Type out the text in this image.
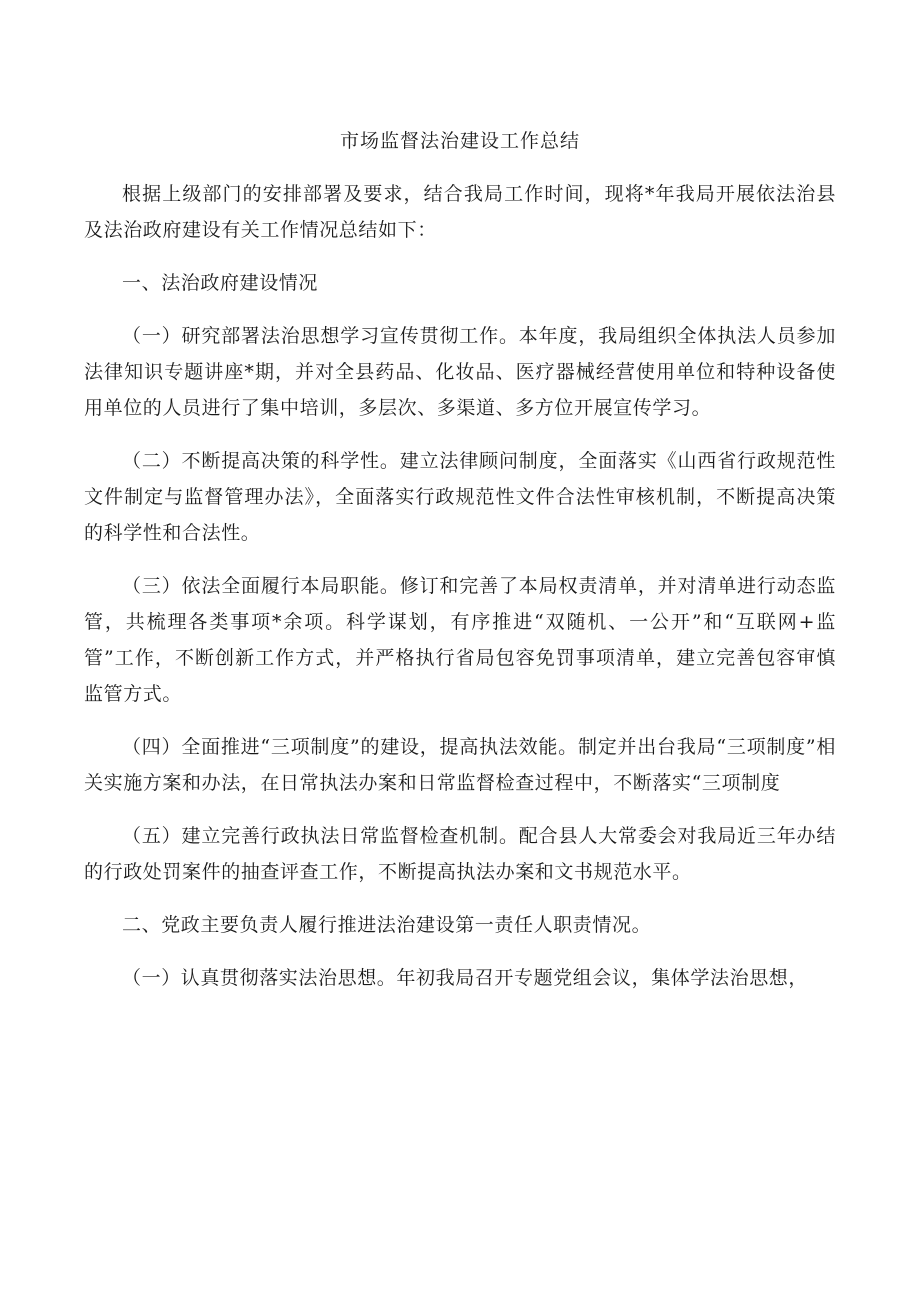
市场监督法治建设工作总结

根据上级部门的安排部署及要求，结合我局工作时间，现将*年我局开展依法治县及法治政府建设有关工作情况总结如下：

一、法治政府建设情况

（一）研究部署法治思想学习宣传贯彻工作。本年度，我局组织全体执法人员参加法律知识专题讲座*期，并对全县药品、化妆品、医疗器械经营使用单位和特种设备使用单位的人员进行了集中培训，多层次、多渠道、多方位开展宣传学习。

（二）不断提高决策的科学性。建立法律顾问制度，全面落实《山西省行政规范性文件制定与监督管理办法》，全面落实行政规范性文件合法性审核机制，不断提高决策的科学性和合法性。

（三）依法全面履行本局职能。修订和完善了本局权责清单，并对清单进行动态监管，共梳理各类事项*余项。科学谋划，有序推进“双随机、一公开”和“互联网+监管”工作，不断创新工作方式，并严格执行省局包容免罚事项清单，建立完善包容审慎监管方式。

（四）全面推进“三项制度”的建设，提高执法效能。制定并出台我局“三项制度”相关实施方案和办法，在日常执法办案和日常监督检查过程中，不断落实“三项制度

（五）建立完善行政执法日常监督检查机制。配合县人大常委会对我局近三年办结的行政处罚案件的抽查评查工作，不断提高执法办案和文书规范水平。

二、党政主要负责人履行推进法治建设第一责任人职责情况。

（一）认真贯彻落实法治思想。年初我局召开专题党组会议，集体学法治思想，
